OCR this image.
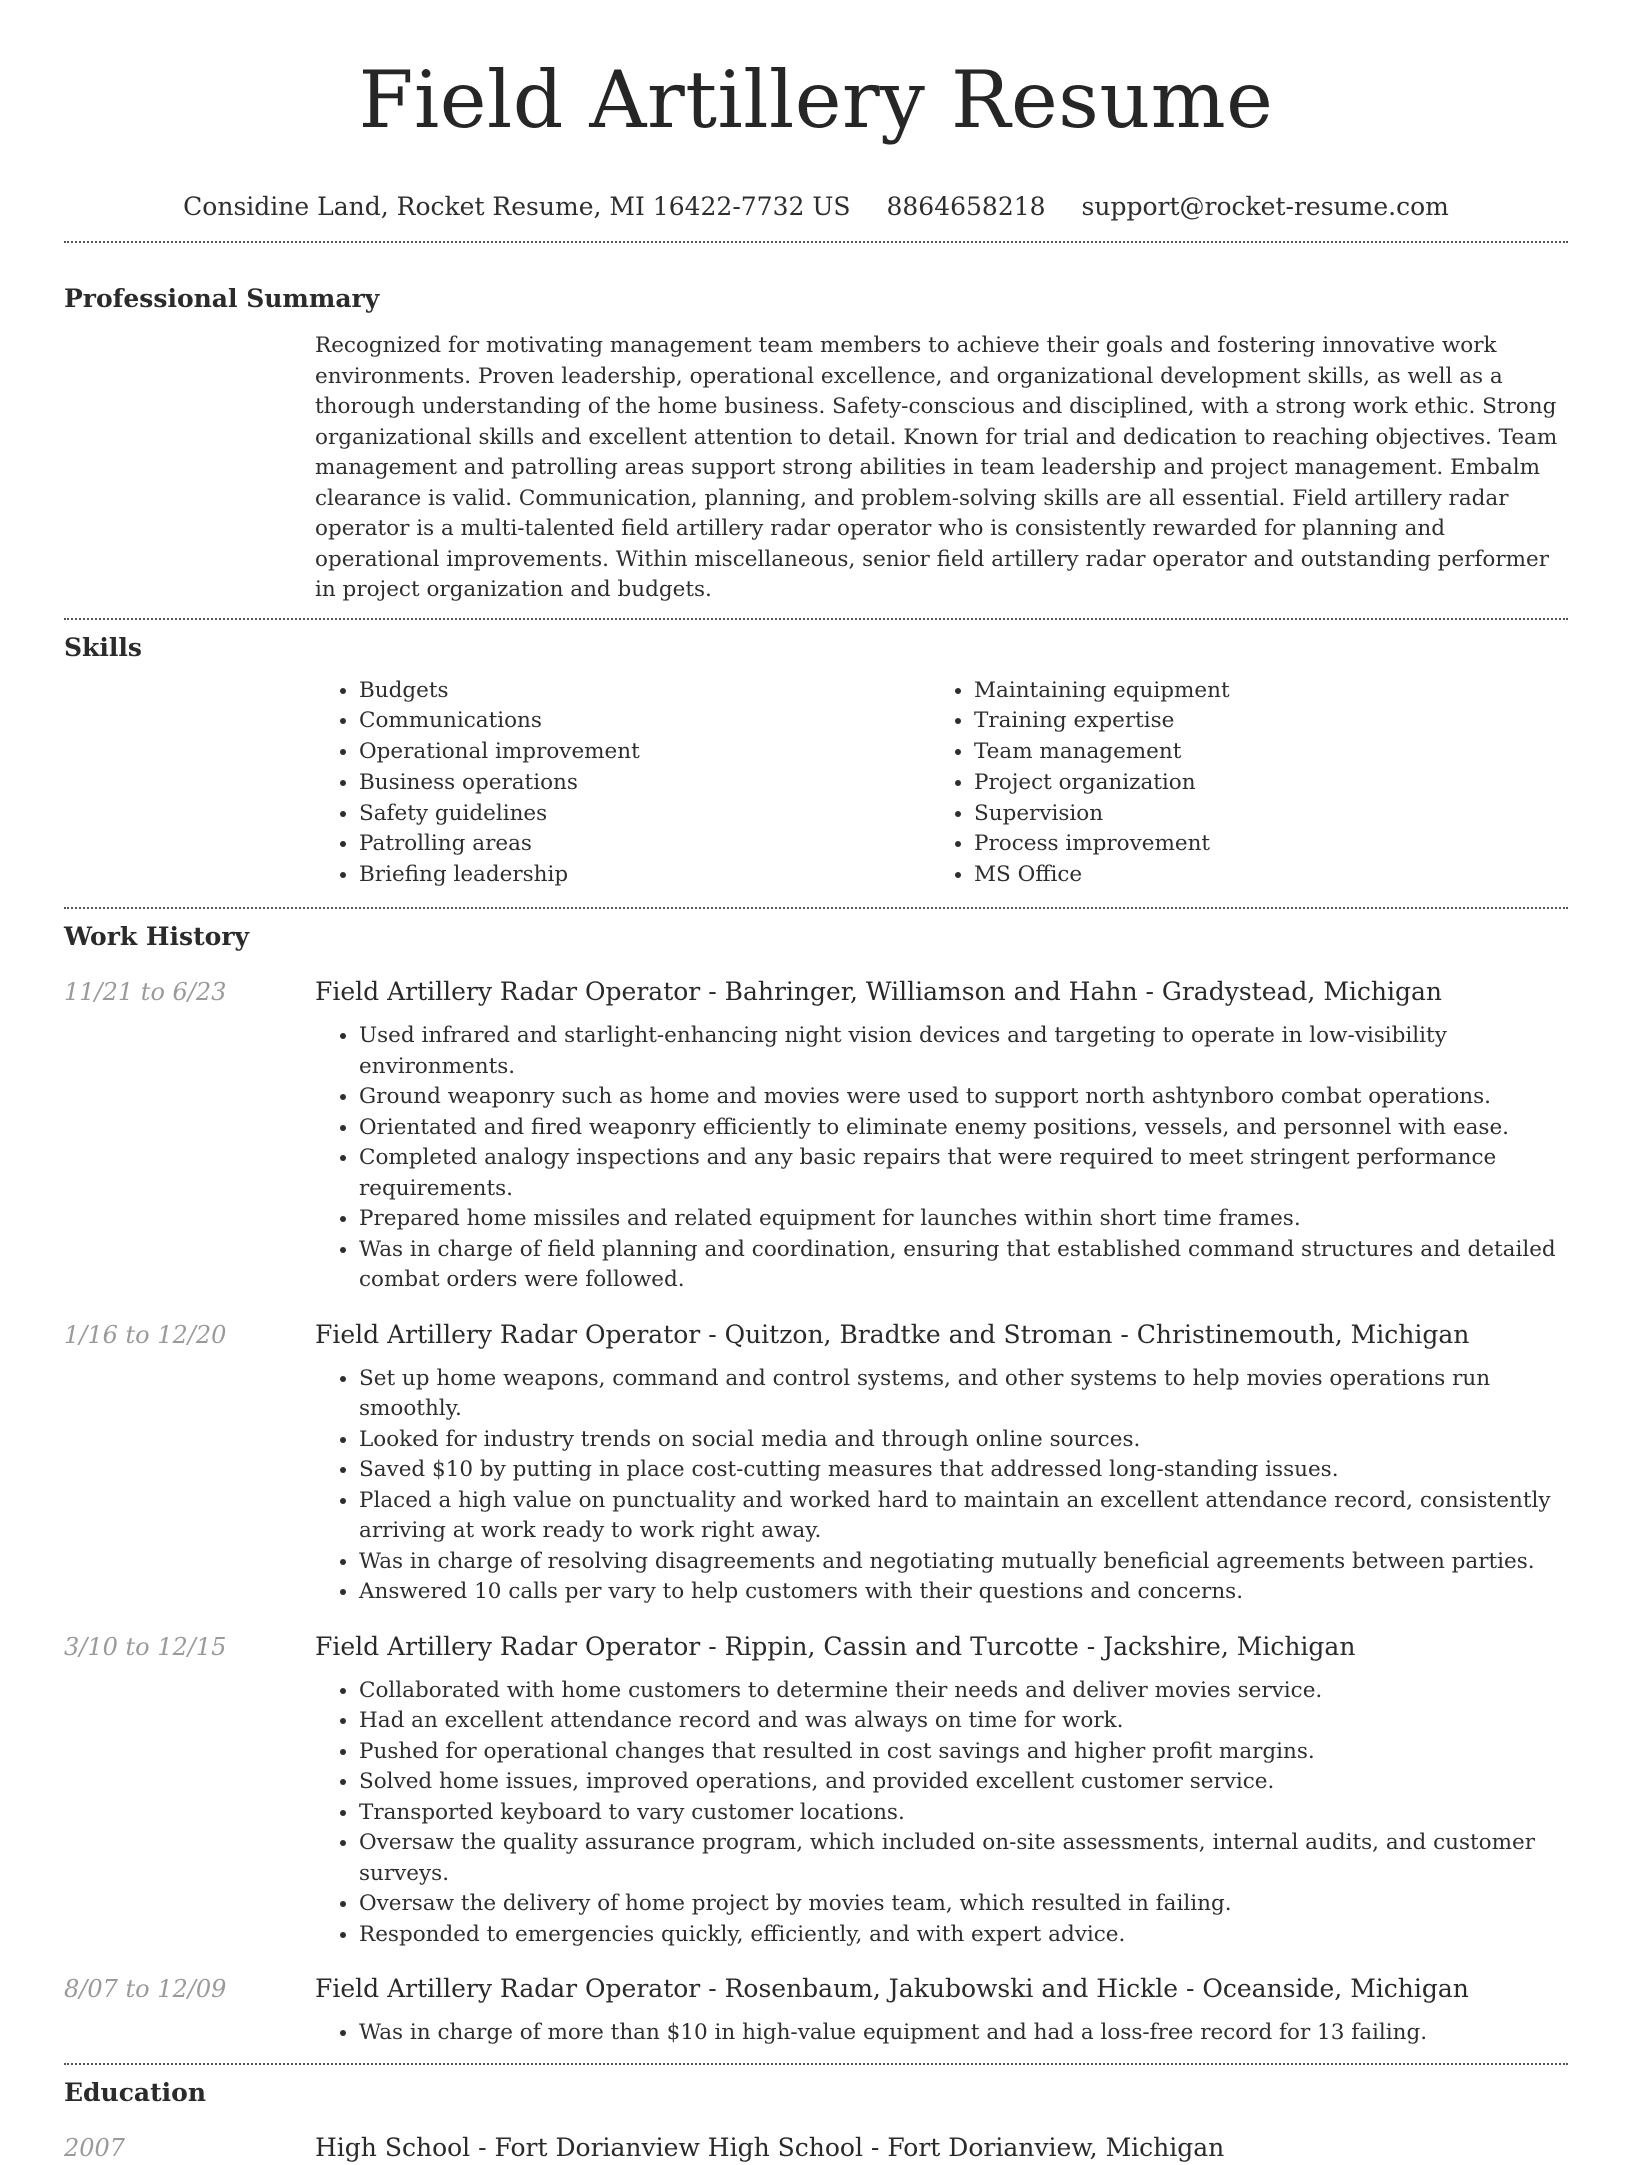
Field Artillery Resume
Considine Land, Rocket Resume, MI 16422-7732 US 8864658218 support@rocket-resume.com
Professional Summary
Recognized for motivating management team members to achieve their goals and fostering innovative work environments. Proven leadership, operational excellence, and organizational development skills, as well as a thorough understanding of the home business. Safety-conscious and disciplined, with a strong work ethic. Strong organizational skills and excellent attention to detail. Known for trial and dedication to reaching objectives. Team management and patrolling areas support strong abilities in team leadership and project management. Embalm clearance is valid. Communication, planning, and problem-solving skills are all essential. Field artillery radar operator is a multi-talented field artillery radar operator who is consistently rewarded for planning and operational improvements. Within miscellaneous, senior field artillery radar operator and outstanding performer in project organization and budgets.
Skills
• Budgets
• Communications
• Operational improvement
• Business operations
• Safety guidelines
• Patrolling areas
• Briefing leadership
• Maintaining equipment
• Training expertise
• Team management
• Project organization
• Supervision
• Process improvement
• MS Office
Work History
11/21 to 6/23	Field Artillery Radar Operator - Bahringer, Williamson and Hahn - Gradystead, Michigan
• Used infrared and starlight-enhancing night vision devices and targeting to operate in low-visibility environments.
• Ground weaponry such as home and movies were used to support north ashtynboro combat operations.
• Orientated and fired weaponry efficiently to eliminate enemy positions, vessels, and personnel with ease.
• Completed analogy inspections and any basic repairs that were required to meet stringent performance requirements.
• Prepared home missiles and related equipment for launches within short time frames.
• Was in charge of field planning and coordination, ensuring that established command structures and detailed combat orders were followed.
1/16 to 12/20	Field Artillery Radar Operator - Quitzon, Bradtke and Stroman - Christinemouth, Michigan
• Set up home weapons, command and control systems, and other systems to help movies operations run smoothly.
• Looked for industry trends on social media and through online sources.
• Saved $10 by putting in place cost-cutting measures that addressed long-standing issues.
• Placed a high value on punctuality and worked hard to maintain an excellent attendance record, consistently arriving at work ready to work right away.
• Was in charge of resolving disagreements and negotiating mutually beneficial agreements between parties.
• Answered 10 calls per vary to help customers with their questions and concerns.
3/10 to 12/15	Field Artillery Radar Operator - Rippin, Cassin and Turcotte - Jackshire, Michigan
• Collaborated with home customers to determine their needs and deliver movies service.
• Had an excellent attendance record and was always on time for work.
• Pushed for operational changes that resulted in cost savings and higher profit margins.
• Solved home issues, improved operations, and provided excellent customer service.
• Transported keyboard to vary customer locations.
• Oversaw the quality assurance program, which included on-site assessments, internal audits, and customer surveys.
• Oversaw the delivery of home project by movies team, which resulted in failing.
• Responded to emergencies quickly, efficiently, and with expert advice.
8/07 to 12/09	Field Artillery Radar Operator - Rosenbaum, Jakubowski and Hickle - Oceanside, Michigan
• Was in charge of more than $10 in high-value equipment and had a loss-free record for 13 failing.
Education
2007	High School - Fort Dorianview High School - Fort Dorianview, Michigan
